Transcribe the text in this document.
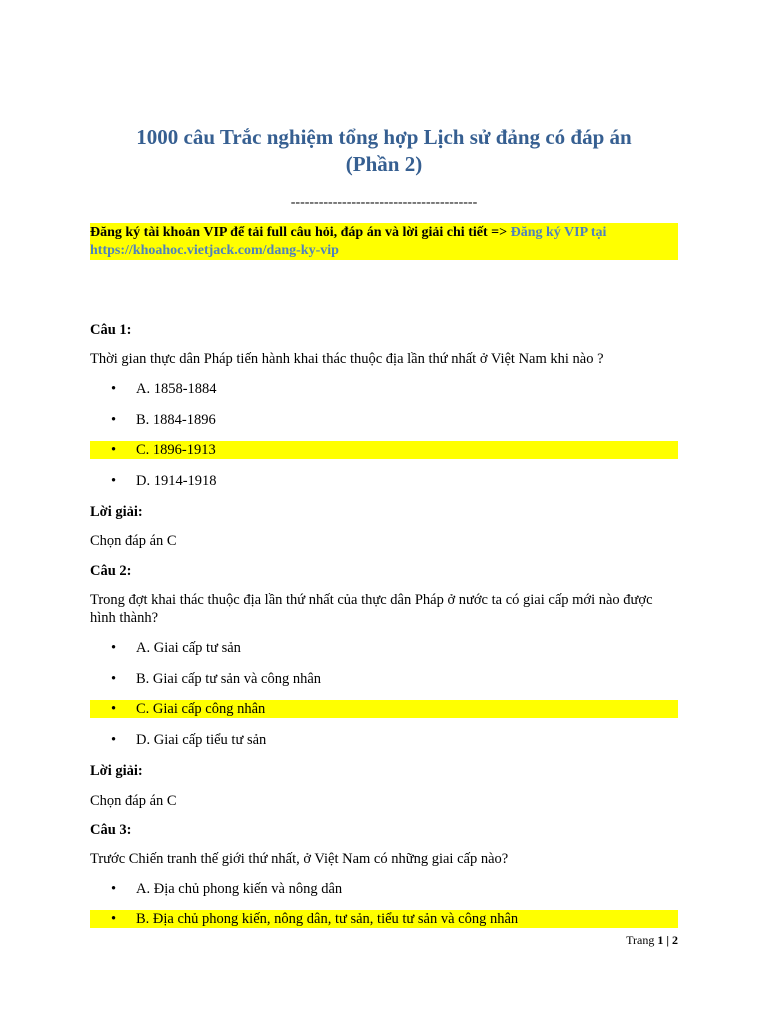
1000 câu Trắc nghiệm tổng hợp Lịch sử đảng có đáp án
(Phần 2)
----------------------------------------
Đăng ký tài khoản VIP để tải full câu hỏi, đáp án và lời giải chi tiết => Đăng ký VIP tại
https://khoahoc.vietjack.com/dang-ky-vip
Câu 1:
Thời gian thực dân Pháp tiến hành khai thác thuộc địa lần thứ nhất ở Việt Nam khi nào ?
• A. 1858-1884
• B. 1884-1896
• C. 1896-1913
• D. 1914-1918
Lời giải:
Chọn đáp án C
Câu 2:
Trong đợt khai thác thuộc địa lần thứ nhất của thực dân Pháp ở nước ta có giai cấp mới nào được
hình thành?
• A. Giai cấp tư sản
• B. Giai cấp tư sản và công nhân
• C. Giai cấp công nhân
• D. Giai cấp tiểu tư sản
Lời giải:
Chọn đáp án C
Câu 3:
Trước Chiến tranh thế giới thứ nhất, ở Việt Nam có những giai cấp nào?
• A. Địa chủ phong kiến và nông dân
• B. Địa chủ phong kiến, nông dân, tư sản, tiểu tư sản và công nhân
Trang 1 | 2
